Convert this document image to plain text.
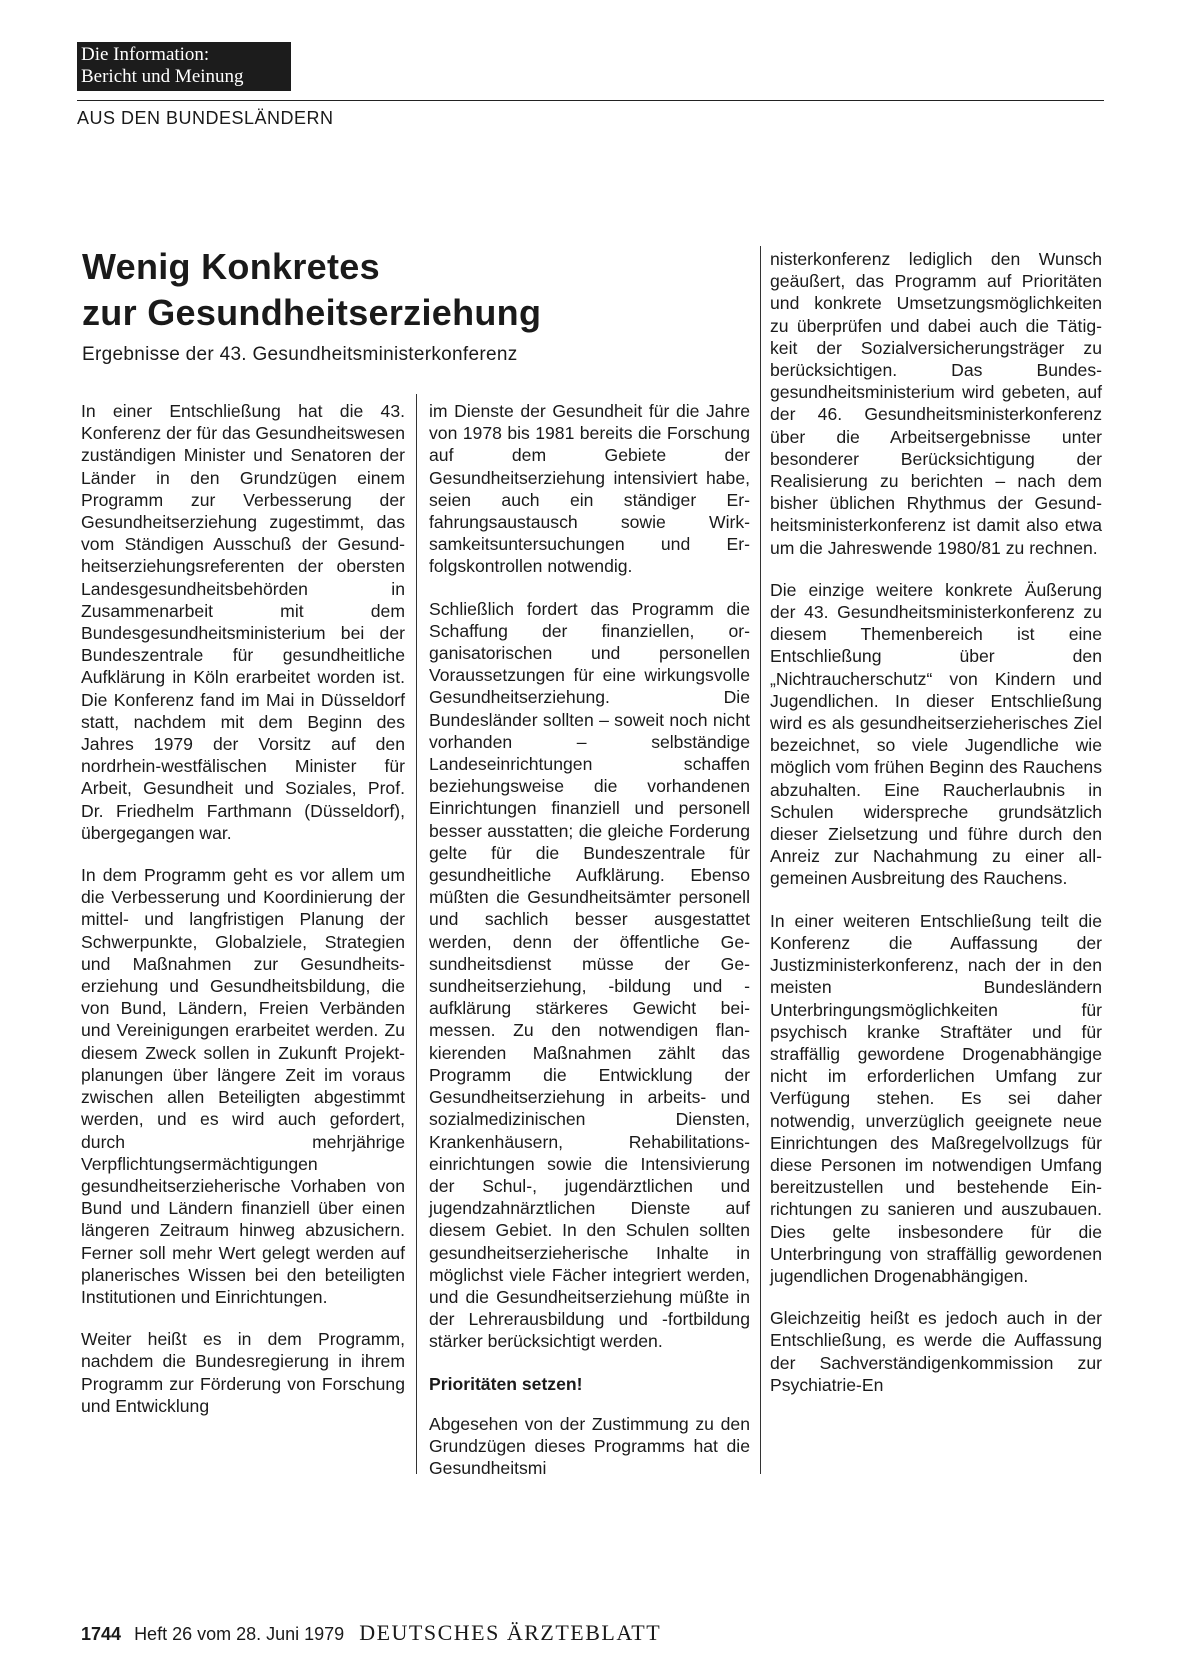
Die Information:
Bericht und Meinung
AUS DEN BUNDESLÄNDERN
Wenig Konkretes
zur Gesundheitserziehung
Ergebnisse der 43. Gesundheitsministerkonferenz

In einer Entschließung hat die 43. Konferenz der für das Gesundheitswesen zuständigen Minister und Senatoren der Länder in den Grundzügen einem Programm zur Verbesserung der Gesundheitserziehung zugestimmt, das vom Ständigen Ausschuß der Gesundheitserziehungsreferenten der obersten Landesgesundheitsbehörden in Zusammenarbeit mit dem Bundesgesundheitsministerium bei der Bundeszentrale für gesundheitliche Aufklärung in Köln erarbeitet worden ist. Die Konferenz fand im Mai in Düsseldorf statt, nachdem mit dem Beginn des Jahres 1979 der Vorsitz auf den nordrhein-westfälischen Minister für Arbeit, Gesundheit und Soziales, Prof. Dr. Friedhelm Farthmann (Düsseldorf), übergegangen war.

In dem Programm geht es vor allem um die Verbesserung und Koordinierung der mittel- und langfristigen Planung der Schwerpunkte, Globalziele, Strategien und Maßnahmen zur Gesundheitserziehung und Gesundheitsbildung, die von Bund, Ländern, Freien Verbänden und Vereinigungen erarbeitet werden. Zu diesem Zweck sollen in Zukunft Projektplanungen über längere Zeit im voraus zwischen allen Beteiligten abgestimmt werden, und es wird auch gefordert, durch mehrjährige Verpflichtungsermächtigungen gesundheitserzieherische Vorhaben von Bund und Ländern finanziell über einen längeren Zeitraum hinweg abzusichern. Ferner soll mehr Wert gelegt werden auf planerisches Wissen bei den beteiligten Institutionen und Einrichtungen.

Weiter heißt es in dem Programm, nachdem die Bundesregierung in ihrem Programm zur Förderung von Forschung und Entwicklung

im Dienste der Gesundheit für die Jahre von 1978 bis 1981 bereits die Forschung auf dem Gebiete der Gesundheitserziehung intensiviert habe, seien auch ein ständiger Erfahrungsaustausch sowie Wirksamkeitsuntersuchungen und Erfolgskontrollen notwendig.

Schließlich fordert das Programm die Schaffung der finanziellen, organisatorischen und personellen Voraussetzungen für eine wirkungsvolle Gesundheitserziehung. Die Bundesländer sollten – soweit noch nicht vorhanden – selbständige Landeseinrichtungen schaffen beziehungsweise die vorhandenen Einrichtungen finanziell und personell besser ausstatten; die gleiche Forderung gelte für die Bundeszentrale für gesundheitliche Aufklärung. Ebenso müßten die Gesundheitsämter personell und sachlich besser ausgestattet werden, denn der öffentliche Gesundheitsdienst müsse der Gesundheitserziehung, -bildung und -aufklärung stärkeres Gewicht beimessen. Zu den notwendigen flankierenden Maßnahmen zählt das Programm die Entwicklung der Gesundheitserziehung in arbeits- und sozialmedizinischen Diensten, Krankenhäusern, Rehabilitationseinrichtungen sowie die Intensivierung der Schul-, jugendärztlichen und jugendzahnärztlichen Dienste auf diesem Gebiet. In den Schulen sollten gesundheitserzieherische Inhalte in möglichst viele Fächer integriert werden, und die Gesundheitserziehung müßte in der Lehrerausbildung und -fortbildung stärker berücksichtigt werden.

Prioritäten setzen!

Abgesehen von der Zustimmung zu den Grundzügen dieses Programms hat die Gesundheitsmi

nisterkonferenz lediglich den Wunsch geäußert, das Programm auf Prioritäten und konkrete Umsetzungsmöglichkeiten zu überprüfen und dabei auch die Tätigkeit der Sozialversicherungsträger zu berücksichtigen. Das Bundesgesundheitsministerium wird gebeten, auf der 46. Gesundheitsministerkonferenz über die Arbeitsergebnisse unter besonderer Berücksichtigung der Realisierung zu berichten – nach dem bisher üblichen Rhythmus der Gesundheitsministerkonferenz ist damit also etwa um die Jahreswende 1980/81 zu rechnen.

Die einzige weitere konkrete Äußerung der 43. Gesundheitsministerkonferenz zu diesem Themenbereich ist eine Entschließung über den „Nichtraucherschutz“ von Kindern und Jugendlichen. In dieser Entschließung wird es als gesundheitserzieherisches Ziel bezeichnet, so viele Jugendliche wie möglich vom frühen Beginn des Rauchens abzuhalten. Eine Raucherlaubnis in Schulen widerspreche grundsätzlich dieser Zielsetzung und führe durch den Anreiz zur Nachahmung zu einer allgemeinen Ausbreitung des Rauchens.

In einer weiteren Entschließung teilt die Konferenz die Auffassung der Justizministerkonferenz, nach der in den meisten Bundesländern Unterbringungsmöglichkeiten für psychisch kranke Straftäter und für straffällig gewordene Drogenabhängige nicht im erforderlichen Umfang zur Verfügung stehen. Es sei daher notwendig, unverzüglich geeignete neue Einrichtungen des Maßregelvollzugs für diese Personen im notwendigen Umfang bereitzustellen und bestehende Einrichtungen zu sanieren und auszubauen. Dies gelte insbesondere für die Unterbringung von straffällig gewordenen jugendlichen Drogenabhängigen.

Gleichzeitig heißt es jedoch auch in der Entschließung, es werde die Auffassung der Sachverständigenkommission zur Psychiatrie-En

1744 Heft 26 vom 28. Juni 1979 DEUTSCHES ÄRZTEBLATT
